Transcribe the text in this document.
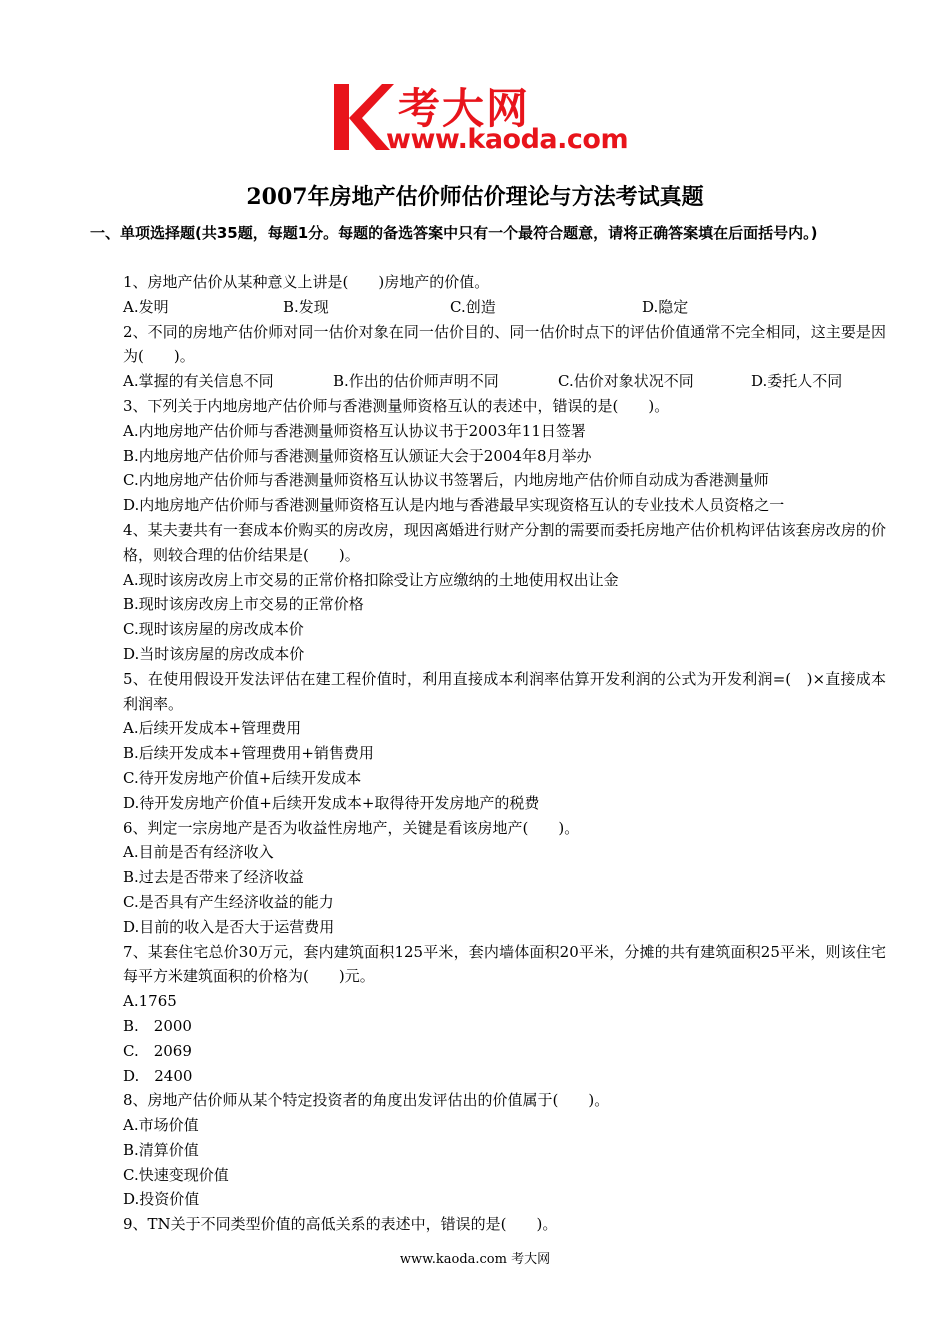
考大网
www.kaoda.com
2007年房地产估价师估价理论与方法考试真题

一、单项选择题(共35题，每题1分。每题的备选答案中只有一个最符合题意，请将正确答案填在后面括号内。)

1、房地产估价从某种意义上讲是(　　)房地产的价值。

A.发明	B.发现	C.创造	D.隐定

2、不同的房地产估价师对同一估价对象在同一估价目的、同一估价时点下的评估价值通常不完全相同，这主要是因为(　　)。

A.掌握的有关信息不同	B.作出的估价师声明不同	C.估价对象状况不同	D.委托人不同

3、下列关于内地房地产估价师与香港测量师资格互认的表述中，错误的是(　　)。

A.内地房地产估价师与香港测量师资格互认协议书于2003年11日签署

B.内地房地产估价师与香港测量师资格互认颁证大会于2004年8月举办

C.内地房地产估价师与香港测量师资格互认协议书签署后，内地房地产估价师自动成为香港测量师

D.内地房地产估价师与香港测量师资格互认是内地与香港最早实现资格互认的专业技术人员资格之一

4、某夫妻共有一套成本价购买的房改房，现因离婚进行财产分割的需要而委托房地产估价机构评估该套房改房的价格，则较合理的估价结果是(　　)。

A.现时该房改房上市交易的正常价格扣除受让方应缴纳的土地使用权出让金

B.现时该房改房上市交易的正常价格

C.现时该房屋的房改成本价

D.当时该房屋的房改成本价

5、在使用假设开发法评估在建工程价值时，利用直接成本利润率估算开发利润的公式为开发利润=(　)×直接成本利润率。

A.后续开发成本+管理费用

B.后续开发成本+管理费用+销售费用

C.待开发房地产价值+后续开发成本

D.待开发房地产价值+后续开发成本+取得待开发房地产的税费

6、判定一宗房地产是否为收益性房地产，关键是看该房地产(　　)。

A.目前是否有经济收入

B.过去是否带来了经济收益

C.是否具有产生经济收益的能力

D.目前的收入是否大于运营费用

7、某套住宅总价30万元，套内建筑面积125平米，套内墙体面积20平米，分摊的共有建筑面积25平米，则该住宅每平方米建筑面积的价格为(　　)元。

A.1765

B.　2000

C.　2069

D.　2400

8、房地产估价师从某个特定投资者的角度出发评估出的价值属于(　　)。

A.市场价值

B.清算价值

C.快速变现价值

D.投资价值

9、TN关于不同类型价值的高低关系的表述中，错误的是(　　)。

www.kaoda.com 考大网
